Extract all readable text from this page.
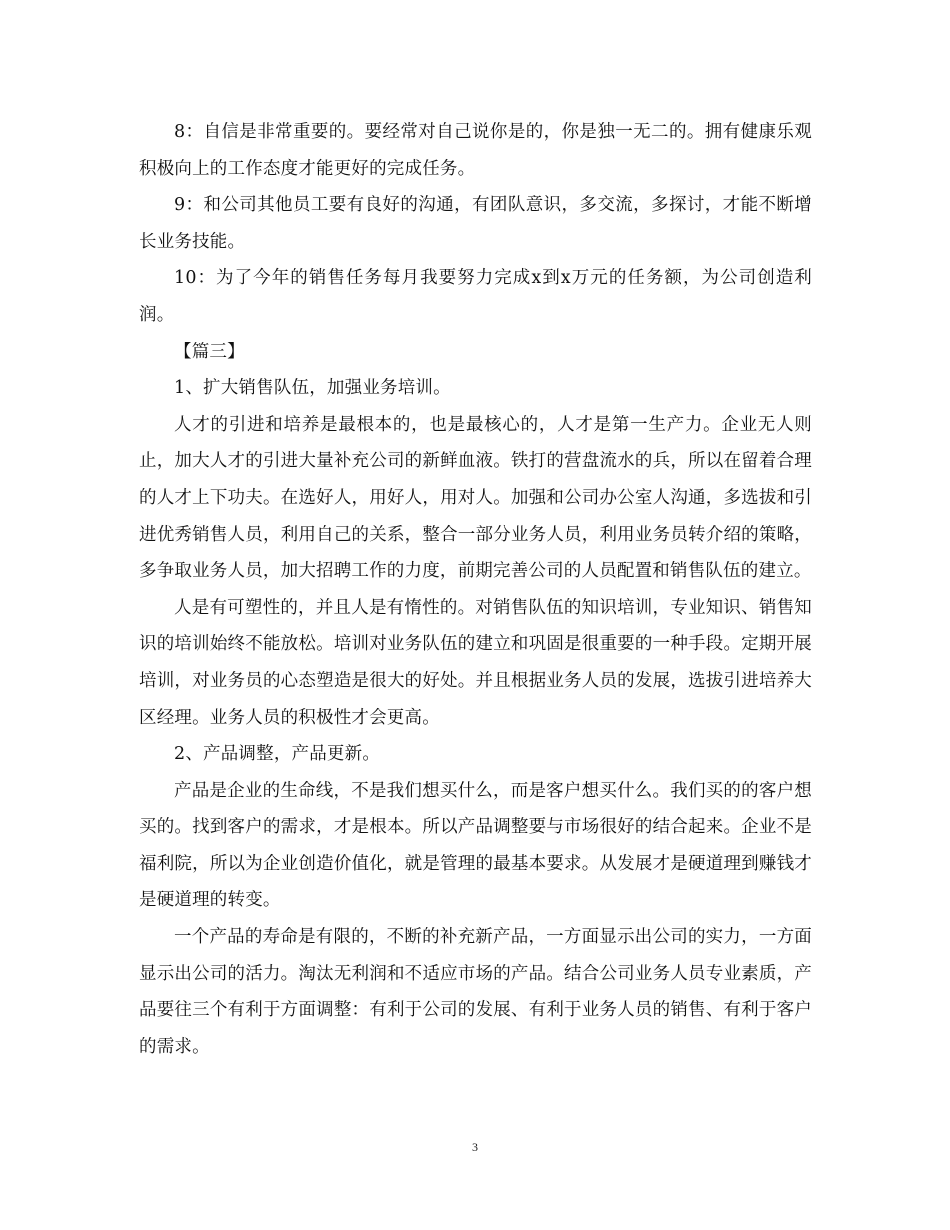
8：自信是非常重要的。要经常对自己说你是的，你是独一无二的。拥有健康乐观积极向上的工作态度才能更好的完成任务。

9：和公司其他员工要有良好的沟通，有团队意识，多交流，多探讨，才能不断增长业务技能。

10：为了今年的销售任务每月我要努力完成x到x万元的任务额，为公司创造利润。

【篇三】

1、扩大销售队伍，加强业务培训。

人才的引进和培养是最根本的，也是最核心的，人才是第一生产力。企业无人则止，加大人才的引进大量补充公司的新鲜血液。铁打的营盘流水的兵，所以在留着合理的人才上下功夫。在选好人，用好人，用对人。加强和公司办公室人沟通，多选拔和引进优秀销售人员，利用自己的关系，整合一部分业务人员，利用业务员转介绍的策略，多争取业务人员，加大招聘工作的力度，前期完善公司的人员配置和销售队伍的建立。

人是有可塑性的，并且人是有惰性的。对销售队伍的知识培训，专业知识、销售知识的培训始终不能放松。培训对业务队伍的建立和巩固是很重要的一种手段。定期开展培训，对业务员的心态塑造是很大的好处。并且根据业务人员的发展，选拔引进培养大区经理。业务人员的积极性才会更高。

2、产品调整，产品更新。

产品是企业的生命线，不是我们想买什么，而是客户想买什么。我们买的的客户想买的。找到客户的需求，才是根本。所以产品调整要与市场很好的结合起来。企业不是福利院，所以为企业创造价值化，就是管理的最基本要求。从发展才是硬道理到赚钱才是硬道理的转变。

一个产品的寿命是有限的，不断的补充新产品，一方面显示出公司的实力，一方面显示出公司的活力。淘汰无利润和不适应市场的产品。结合公司业务人员专业素质，产品要往三个有利于方面调整：有利于公司的发展、有利于业务人员的销售、有利于客户的需求。

3
